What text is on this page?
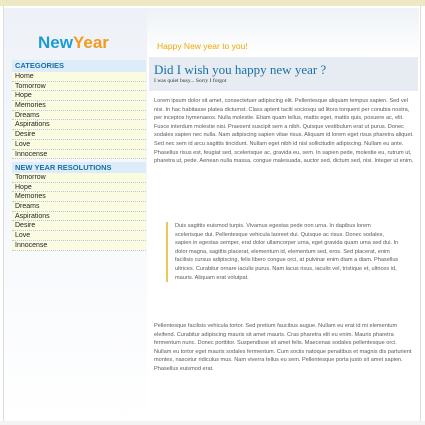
NewYear
CATEGORIES
Home
Tomorrow
Hope
Memories
Dreams
Aspirations
Desire
Love
Innocense
NEW YEAR RESOLUTIONS
Tomorrow
Hope
Memories
Dreams
Aspirations
Desire
Love
Innocense
Happy New year to you!
Did I wish you happy new year ?
I was quiet busy... Sorry I forgot

Lorem ipsum dolor sit amet, consectetuer adipiscing elit. Pellentesque aliquam tempus sapien. Sed vel nisi. In hac habitasse platea dictumst. Class aptent taciti sociosqu ad litora torquent per conubia nostra, per inceptos hymenaeos. Nulla molestie. Etiam quam tellus, mattis eget, mattis quis, posuere ac, elit. Fusce interdum molestie nisi. Praesent suscipit sem a nibh. Quisque vestibulum erat ut purus. Donec sodales sapien nec nulla. Nam adipiscing sapien vitae risus. Aliquam id lorem eget risus pharetra aliquet. Sed nec sem id arcu sagittis tincidunt. Nullam eget nibh id nisl sollicitudin adipiscing. Nullam eu ante. Phasellus risus est, feugiat sed, scelerisque ac, gravida eu, sem. In sapien pede, molestie eu, rutrum ut, pharetra ut, pede. Aenean nulla massa, congue malesuada, auctor sed, dictum sed, nisi. Integer ut enim.

Duis sagittis euismod turpis. Vivamus egestas pede non urna. In dapibus lorem scelerisque dui. Pellentesque vehicula laoreet dui. Quisque ac risus. Donec sodales, sapien in egestas semper, erat dolor ullamcorper urna, eget gravida quam urna sed dui. In dolor magna, sagittis placerat, elementum id, elementum sed, eros. Sed placerat, enim facilisis cursus adipiscing, felis libero congue orci, at pulvinar enim diam a diam. Phasellus ultrices. Curabitur ornare iaculis purus. Nam lacus risus, iaculis vel, tristique et, ultrices id, mauris. Aliquam erat volutpat.

Pellentesque facilisis vehicula tortor. Sed pretium faucibus augue. Nullam eu erat id mi elementum eleifend. Curabitur adipiscing mauris sit amet mauris. Cras pharetra elit eu enim. Mauris pharetra fermentum nunc. Donec porttitor. Suspendisse sit amet felis. Maecenas sodales pellentesque orci. Nullam eu tortor eget mauris sodales fermentum. Cum sociis natoque penatibus et magnis dis parturient montes, nascetur ridiculus mus. Nam viverra tellus eu sem. Pellentesque porta justo sit amet sapien. Phasellus euismod erat.
